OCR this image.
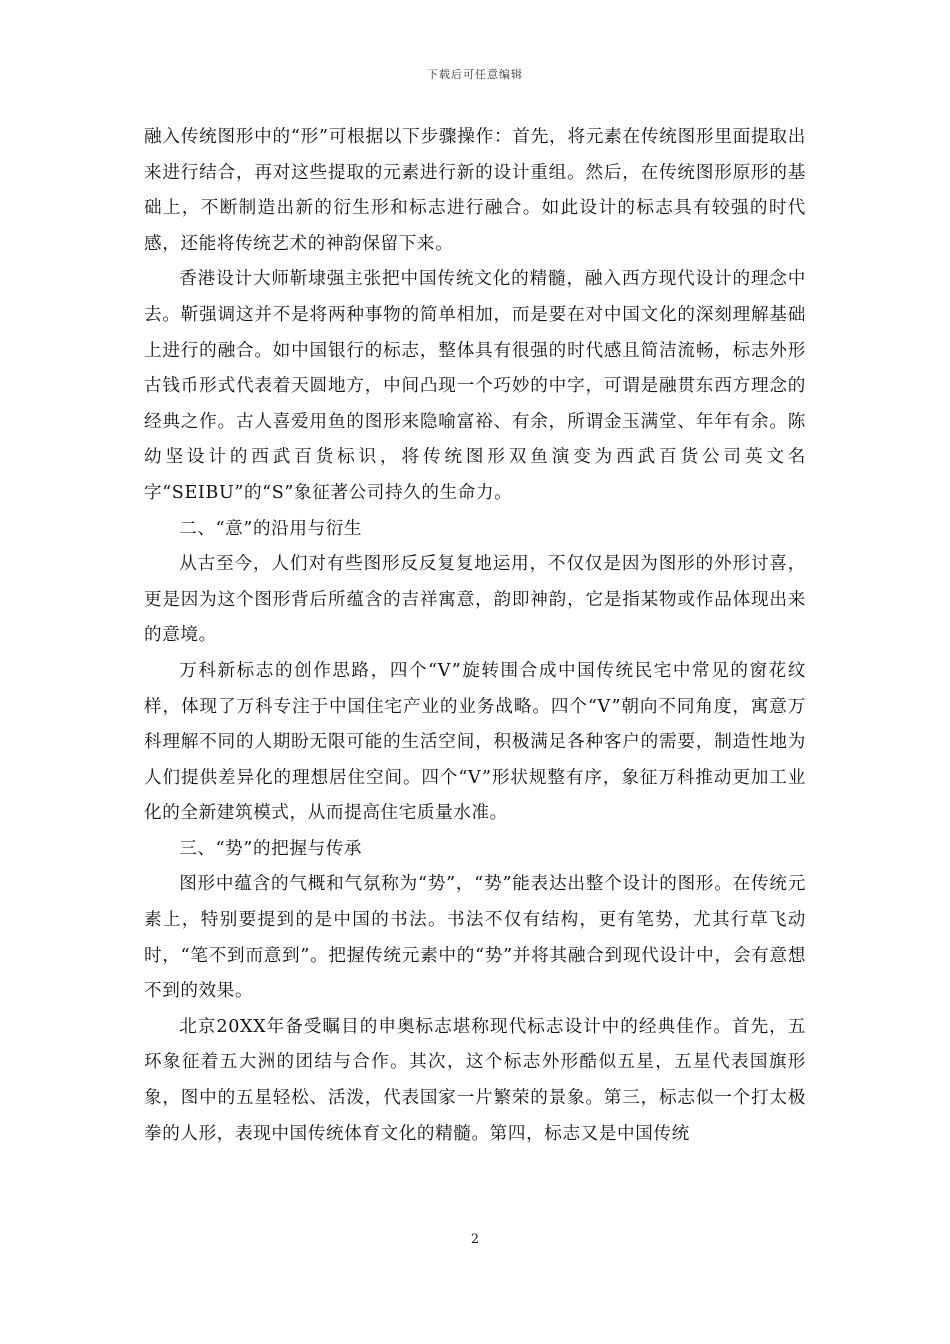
下载后可任意编辑

融入传统图形中的“形”可根据以下步骤操作：首先，将元素在传统图形里面提取出来进行结合，再对这些提取的元素进行新的设计重组。然后，在传统图形原形的基础上，不断制造出新的衍生形和标志进行融合。如此设计的标志具有较强的时代感，还能将传统艺术的神韵保留下来。

香港设计大师靳埭强主张把中国传统文化的精髓，融入西方现代设计的理念中去。靳强调这并不是将两种事物的简单相加，而是要在对中国文化的深刻理解基础上进行的融合。如中国银行的标志，整体具有很强的时代感且简洁流畅，标志外形古钱币形式代表着天圆地方，中间凸现一个巧妙的中字，可谓是融贯东西方理念的经典之作。古人喜爱用鱼的图形来隐喻富裕、有余，所谓金玉满堂、年年有余。陈幼坚设计的西武百货标识，将传统图形双鱼演变为西武百货公司英文名字“SEIBU”的“S”象征著公司持久的生命力。

二、“意”的沿用与衍生

从古至今，人们对有些图形反反复复地运用，不仅仅是因为图形的外形讨喜，更是因为这个图形背后所蕴含的吉祥寓意，韵即神韵，它是指某物或作品体现出来的意境。

万科新标志的创作思路，四个“V”旋转围合成中国传统民宅中常见的窗花纹样，体现了万科专注于中国住宅产业的业务战略。四个“V”朝向不同角度，寓意万科理解不同的人期盼无限可能的生活空间，积极满足各种客户的需要，制造性地为人们提供差异化的理想居住空间。四个“V”形状规整有序，象征万科推动更加工业化的全新建筑模式，从而提高住宅质量水准。

三、“势”的把握与传承

图形中蕴含的气概和气氛称为“势”，“势”能表达出整个设计的图形。在传统元素上，特别要提到的是中国的书法。书法不仅有结构，更有笔势，尤其行草飞动时，“笔不到而意到”。把握传统元素中的“势”并将其融合到现代设计中，会有意想不到的效果。

北京20XX年备受瞩目的申奥标志堪称现代标志设计中的经典佳作。首先，五环象征着五大洲的团结与合作。其次，这个标志外形酷似五星，五星代表国旗形象，图中的五星轻松、活泼，代表国家一片繁荣的景象。第三，标志似一个打太极拳的人形，表现中国传统体育文化的精髓。第四，标志又是中国传统

2
